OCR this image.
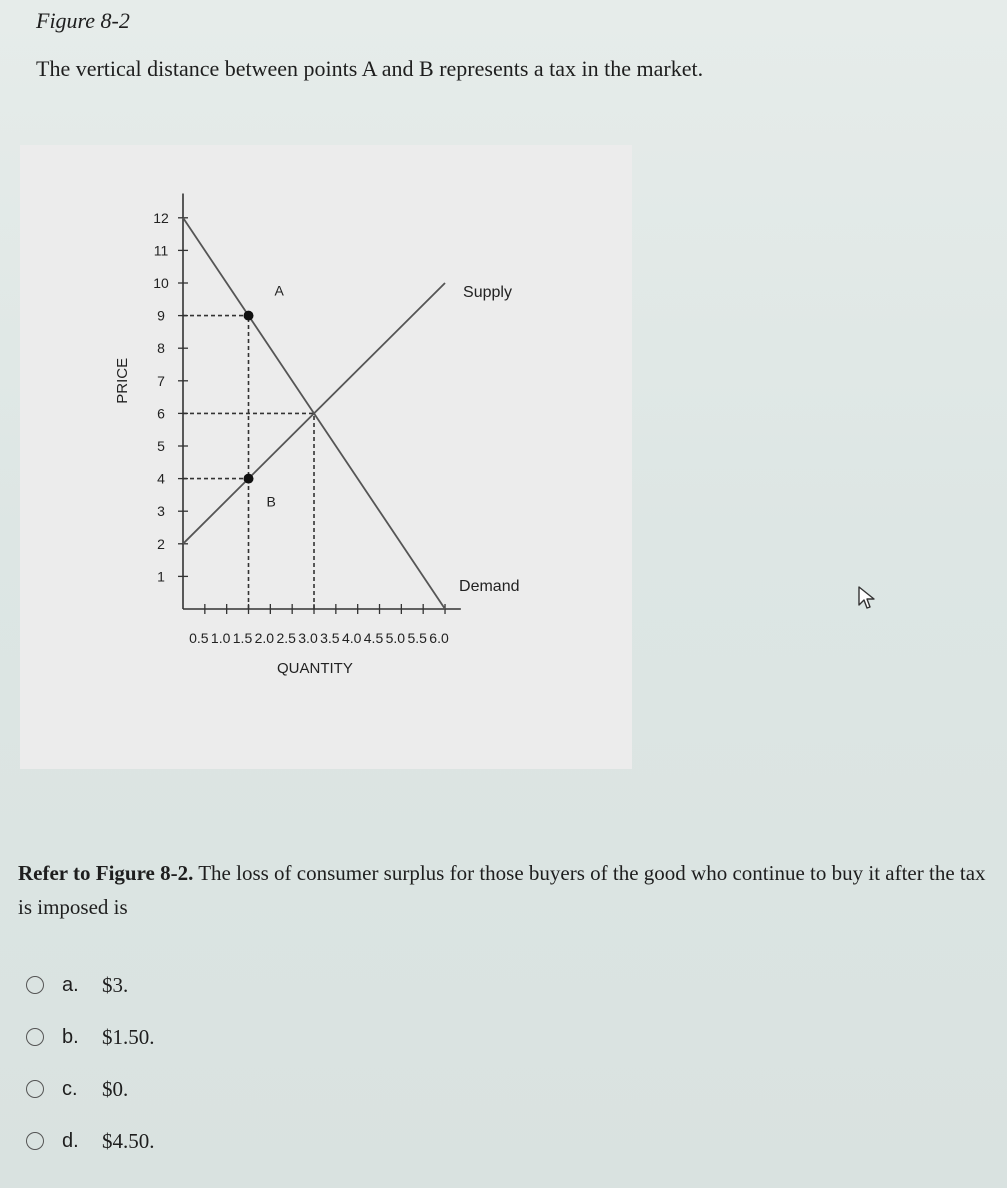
Figure 8-2
The vertical distance between points A and B represents a tax in the market.
1
2
3
4
5
6
7
8
9
10
11
12
0.5 1.0 1.5 2.0 2.5 3.0 3.5 4.0 4.5 5.0 5.5 6.0
QUANTITY
PRICE
Supply
Demand
A
B
Refer to Figure 8-2. The loss of consumer surplus for those buyers of the good who continue to buy it after the tax is imposed is
a.	$3.
b.	$1.50.
c.	$0.
d.	$4.50.
